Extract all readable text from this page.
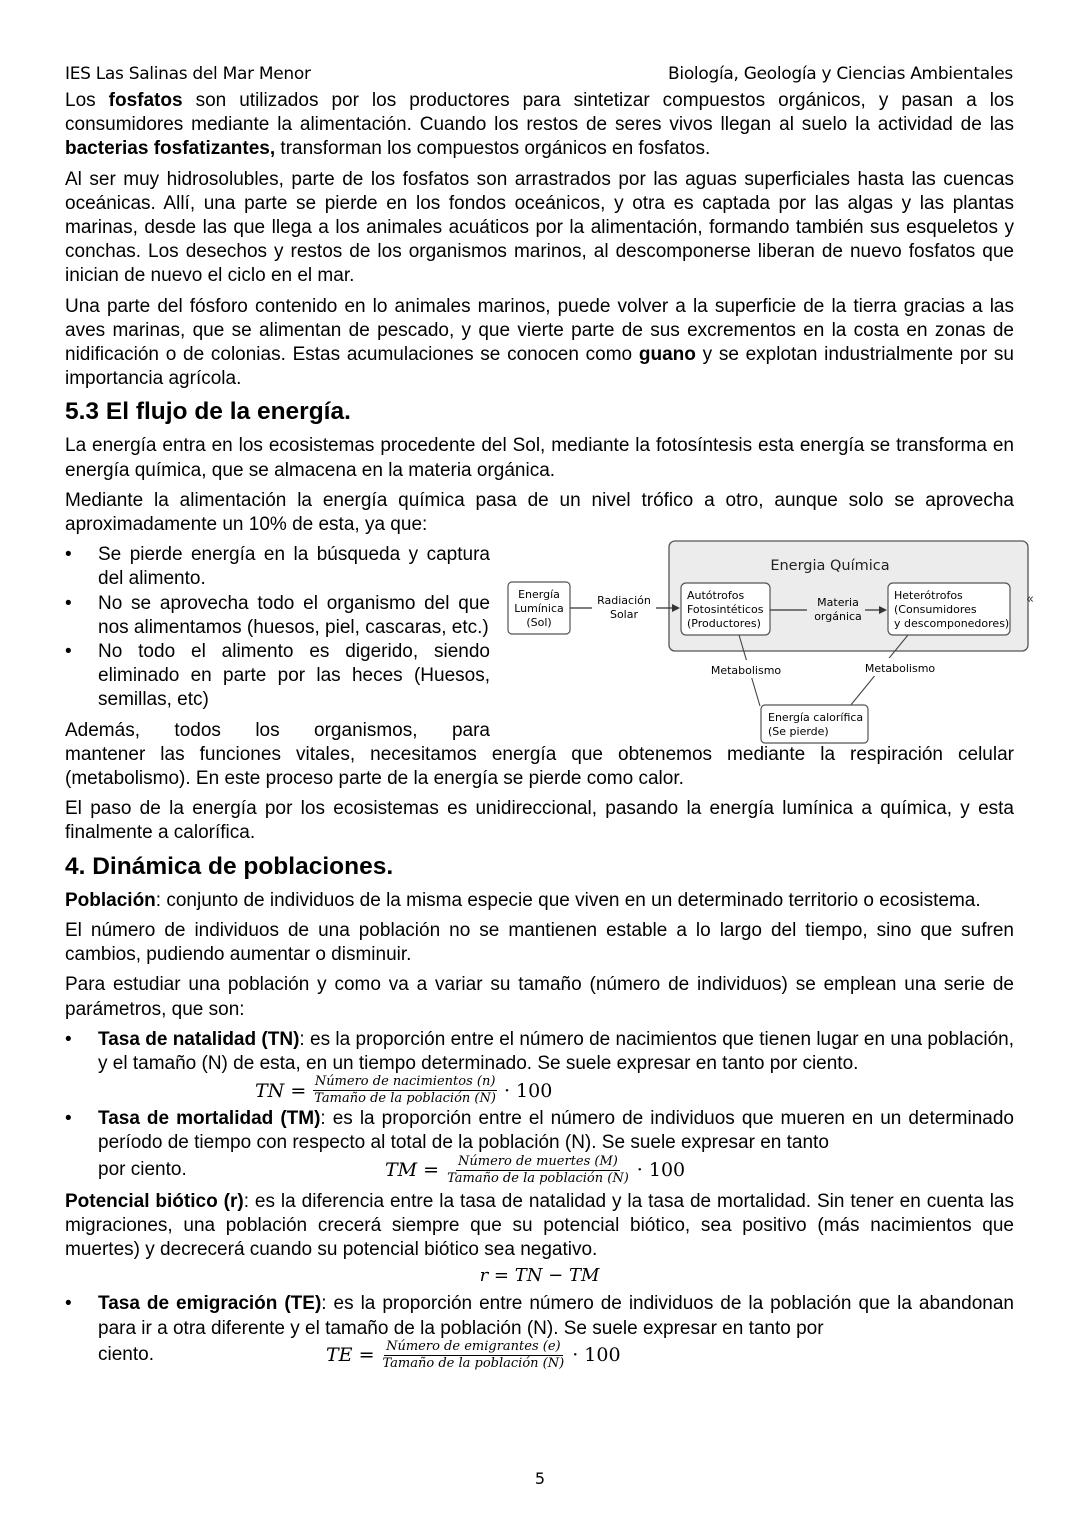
IES Las Salinas del Mar Menor	Biología, Geología y Ciencias Ambientales

Los fosfatos son utilizados por los productores para sintetizar compuestos orgánicos, y pasan a los consumidores mediante la alimentación. Cuando los restos de seres vivos llegan al suelo la actividad de las bacterias fosfatizantes, transforman los compuestos orgánicos en fosfatos.

Al ser muy hidrosolubles, parte de los fosfatos son arrastrados por las aguas superficiales hasta las cuencas oceánicas. Allí, una parte se pierde en los fondos oceánicos, y otra es captada por las algas y las plantas marinas, desde las que llega a los animales acuáticos por la alimentación, formando también sus esqueletos y conchas. Los desechos y restos de los organismos marinos, al descomponerse liberan de nuevo fosfatos que inician de nuevo el ciclo en el mar.

Una parte del fósforo contenido en lo animales marinos, puede volver a la superficie de la tierra gracias a las aves marinas, que se alimentan de pescado, y que vierte parte de sus excrementos en la costa en zonas de nidificación o de colonias. Estas acumulaciones se conocen como guano y se explotan industrialmente por su importancia agrícola.

5.3 El flujo de la energía.

La energía entra en los ecosistemas procedente del Sol, mediante la fotosíntesis esta energía se transforma en energía química, que se almacena en la materia orgánica.

Mediante la alimentación la energía química pasa de un nivel trófico a otro, aunque solo se aprovecha aproximadamente un 10% de esta, ya que:

• Se pierde energía en la búsqueda y captura del alimento.
• No se aprovecha todo el organismo del que nos alimentamos (huesos, piel, cascaras, etc.)
• No todo el alimento es digerido, siendo eliminado en parte por las heces (Huesos, semillas, etc)

Además, todos los organismos, para

Energia Química
«
Energía
Lumínica
(Sol)
Radiación
Solar
Autótrofos
Fotosintéticos
(Productores)
Materia
orgánica
Heterótrofos
(Consumidores
y descomponedores)
Metabolismo	Metabolismo
Energía calorífica
(Se pierde)

mantener las funciones vitales, necesitamos energía que obtenemos mediante la respiración celular (metabolismo). En este proceso parte de la energía se pierde como calor.

El paso de la energía por los ecosistemas es unidireccional, pasando la energía lumínica a química, y esta finalmente a calorífica.

4. Dinámica de poblaciones.

Población: conjunto de individuos de la misma especie que viven en un determinado territorio o ecosistema.

El número de individuos de una población no se mantienen estable a lo largo del tiempo, sino que sufren cambios, pudiendo aumentar o disminuir.

Para estudiar una población y como va a variar su tamaño (número de individuos) se emplean una serie de parámetros, que son:

• Tasa de natalidad (TN): es la proporción entre el número de nacimientos que tienen lugar en una población, y el tamaño (N) de esta, en un tiempo determinado. Se suele expresar en tanto por ciento.
TN = $\frac{\text{Número de nacimientos (n)}}{\text{Tamaño de la población (N)}} \cdot 100$
• Tasa de mortalidad (TM): es la proporción entre el número de individuos que mueren en un determinado período de tiempo con respecto al total de la población (N). Se suele expresar en tanto
por ciento.	TM = $\frac{\text{Número de muertes (M)}}{\text{Tamaño de la población (N)}} \cdot 100$

Potencial biótico (r): es la diferencia entre la tasa de natalidad y la tasa de mortalidad. Sin tener en cuenta las migraciones, una población crecerá siempre que su potencial biótico, sea positivo (más nacimientos que muertes) y decrecerá cuando su potencial biótico sea negativo.

r = TN − TM
• Tasa de emigración (TE): es la proporción entre número de individuos de la población que la abandonan para ir a otra diferente y el tamaño de la población (N). Se suele expresar en tanto por
ciento.	TE = $\frac{\text{Número de emigrantes (e)}}{\text{Tamaño de la población (N)}} \cdot 100$
5
